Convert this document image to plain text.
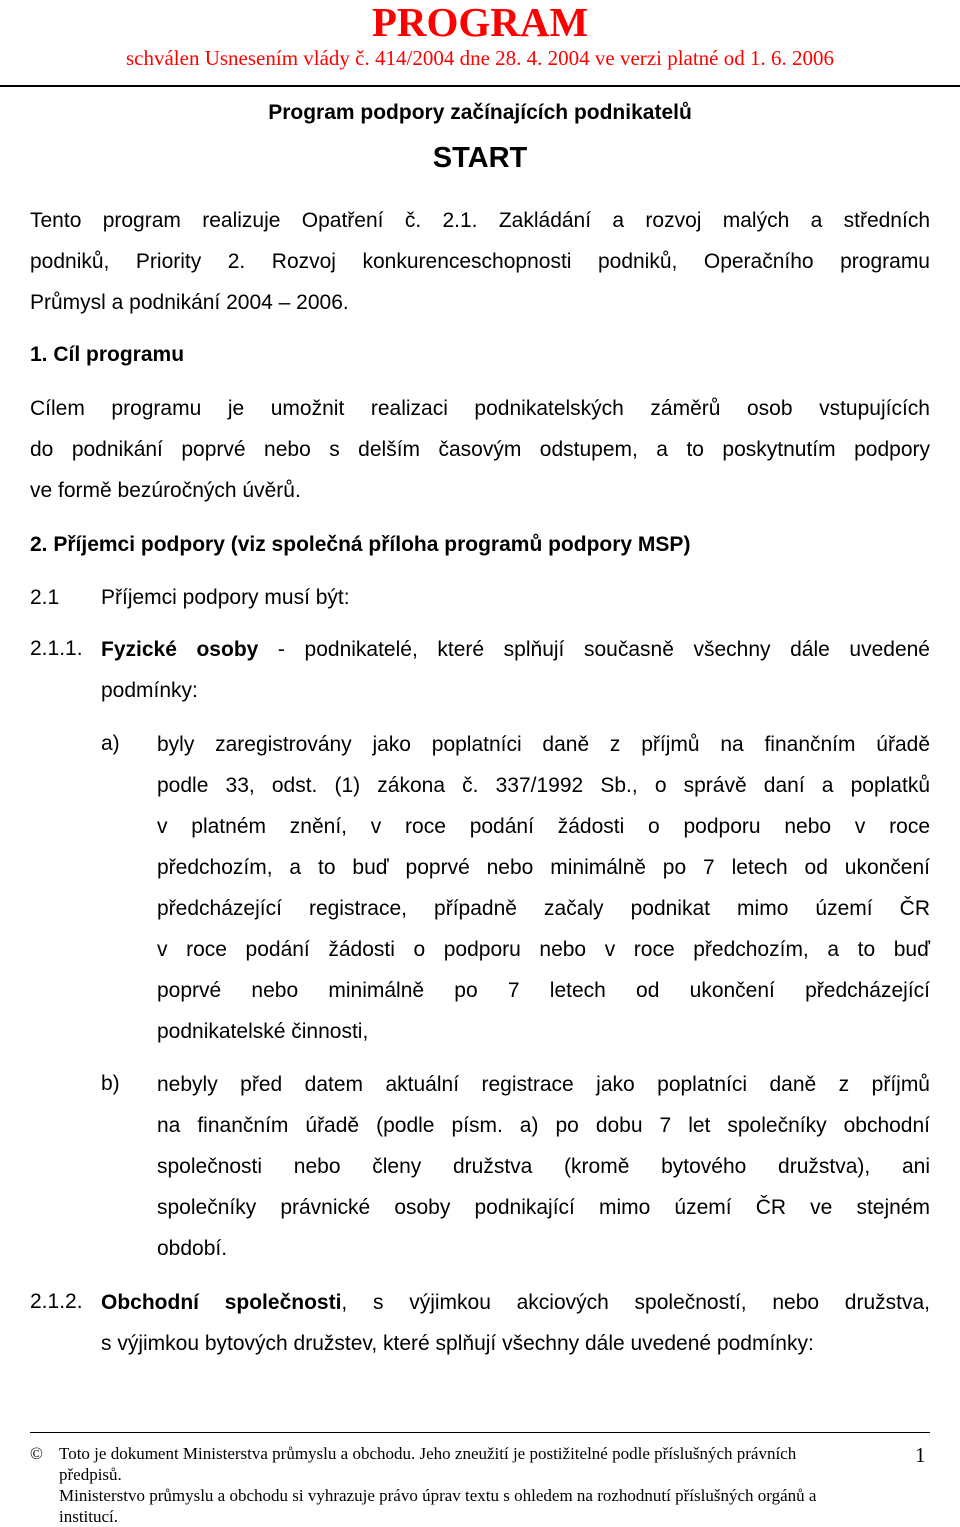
PROGRAM
schválen Usnesením vlády č. 414/2004 dne 28. 4. 2004 ve verzi platné od 1. 6. 2006
Program podpory začínajících podnikatelů
START
Tento program realizuje Opatření č. 2.1. Zakládání a rozvoj malých a středních
podniků, Priority 2. Rozvoj konkurenceschopnosti podniků, Operačního programu
Průmysl a podnikání 2004 – 2006.
1. Cíl programu
Cílem programu je umožnit realizaci podnikatelských záměrů osob vstupujících
do podnikání poprvé nebo s delším časovým odstupem, a to poskytnutím podpory
ve formě bezúročných úvěrů.
2. Příjemci podpory (viz společná příloha programů podpory MSP)
2.1 Příjemci podpory musí být:
2.1.1. Fyzické osoby - podnikatelé, které splňují současně všechny dále uvedené
podmínky:
a) byly zaregistrovány jako poplatníci daně z příjmů na finančním úřadě
podle 33, odst. (1) zákona č. 337/1992 Sb., o správě daní a poplatků
v platném znění, v roce podání žádosti o podporu nebo v roce
předchozím, a to buď poprvé nebo minimálně po 7 letech od ukončení
předcházející registrace, případně začaly podnikat mimo území ČR
v roce podání žádosti o podporu nebo v roce předchozím, a to buď
poprvé nebo minimálně po 7 letech od ukončení předcházející
podnikatelské činnosti,
b) nebyly před datem aktuální registrace jako poplatníci daně z příjmů
na finančním úřadě (podle písm. a) po dobu 7 let společníky obchodní
společnosti nebo členy družstva (kromě bytového družstva), ani
společníky právnické osoby podnikající mimo území ČR ve stejném
období.
2.1.2. Obchodní společnosti, s výjimkou akciových společností, nebo družstva,
s výjimkou bytových družstev, které splňují všechny dále uvedené podmínky:
© Toto je dokument Ministerstva průmyslu a obchodu. Jeho zneužití je postižitelné podle příslušných právních
předpisů.
Ministerstvo průmyslu a obchodu si vyhrazuje právo úprav textu s ohledem na rozhodnutí příslušných orgánů a
institucí.
1
